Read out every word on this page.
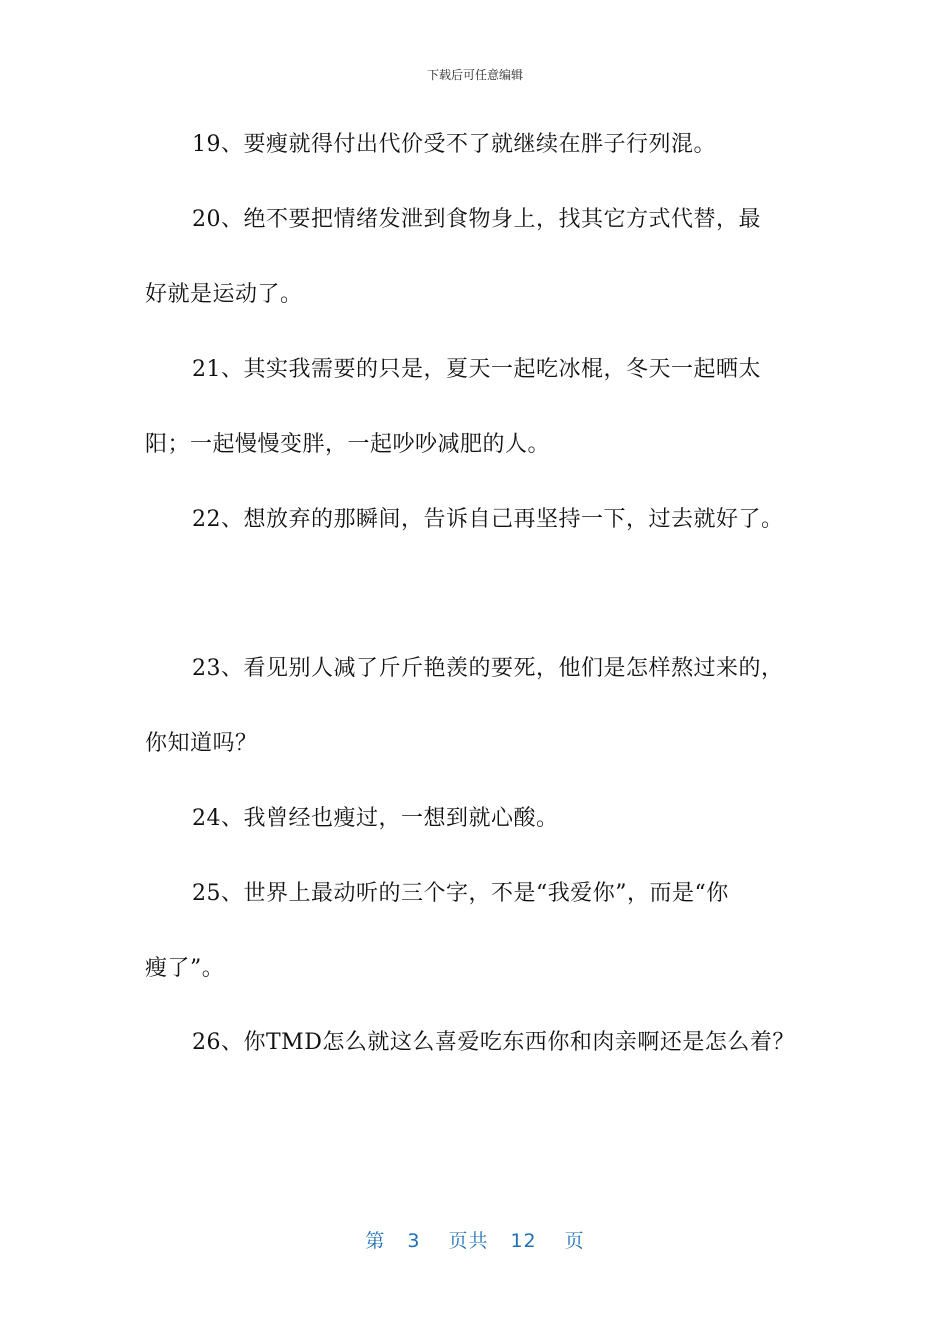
下载后可任意编辑
19、要瘦就得付出代价受不了就继续在胖子行列混。
20、绝不要把情绪发泄到食物身上，找其它方式代替，最
好就是运动了。
21、其实我需要的只是，夏天一起吃冰棍，冬天一起晒太
阳；一起慢慢变胖，一起吵吵减肥的人。
22、想放弃的那瞬间，告诉自己再坚持一下，过去就好了。
23、看见别人减了斤斤艳羡的要死，他们是怎样熬过来的，
你知道吗？
24、我曾经也瘦过，一想到就心酸。
25、世界上最动听的三个字，不是“我爱你”，而是“你
瘦了”。
26、你TMD怎么就这么喜爱吃东西你和肉亲啊还是怎么着？
第 3 页共 12 页
